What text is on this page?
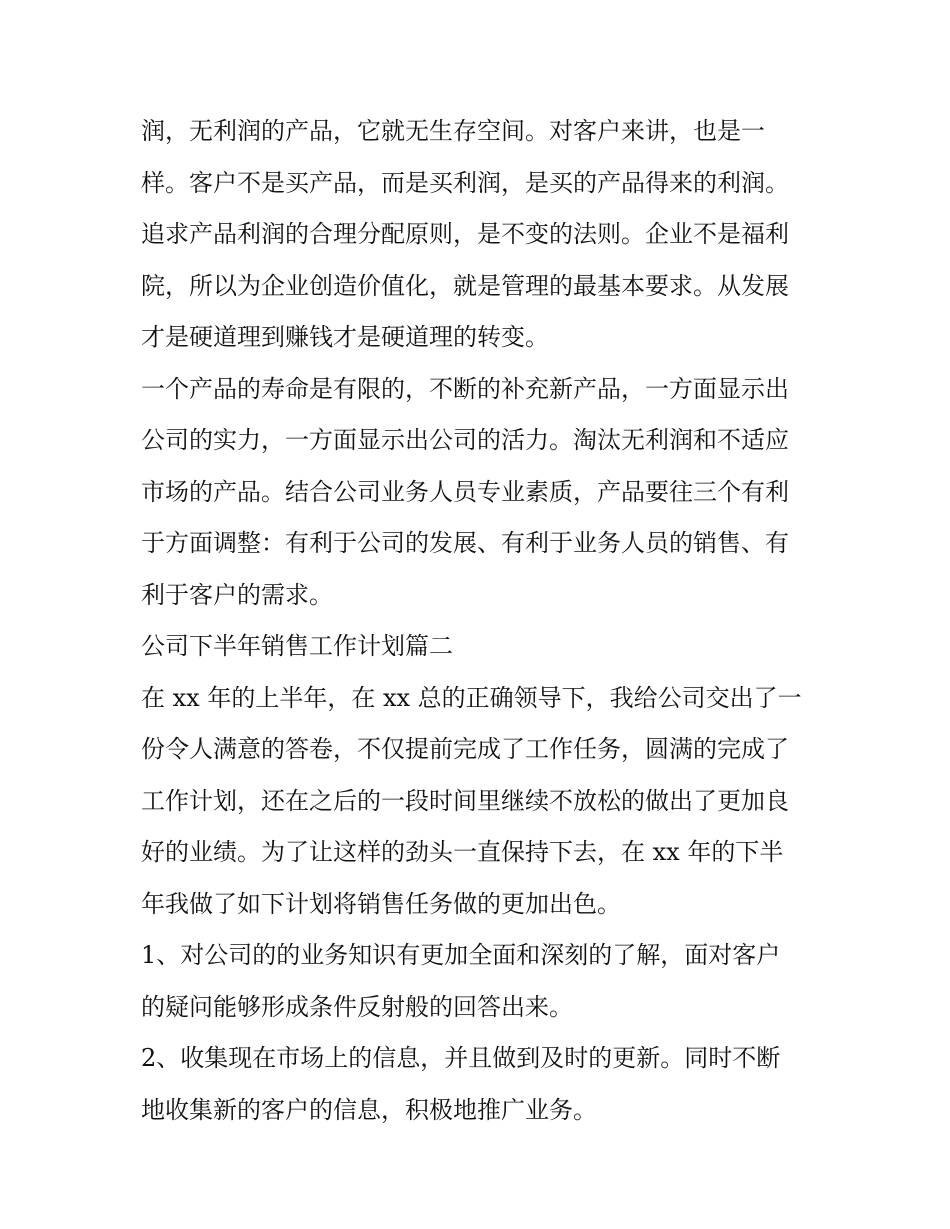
润，无利润的产品，它就无生存空间。对客户来讲，也是一
样。客户不是买产品，而是买利润，是买的产品得来的利润。
追求产品利润的合理分配原则，是不变的法则。企业不是福利
院，所以为企业创造价值化，就是管理的最基本要求。从发展
才是硬道理到赚钱才是硬道理的转变。
一个产品的寿命是有限的，不断的补充新产品，一方面显示出
公司的实力，一方面显示出公司的活力。淘汰无利润和不适应
市场的产品。结合公司业务人员专业素质，产品要往三个有利
于方面调整：有利于公司的发展、有利于业务人员的销售、有
利于客户的需求。
公司下半年销售工作计划篇二
在 xx 年的上半年，在 xx 总的正确领导下，我给公司交出了一
份令人满意的答卷，不仅提前完成了工作任务，圆满的完成了
工作计划，还在之后的一段时间里继续不放松的做出了更加良
好的业绩。为了让这样的劲头一直保持下去，在 xx 年的下半
年我做了如下计划将销售任务做的更加出色。
1、对公司的的业务知识有更加全面和深刻的了解，面对客户
的疑问能够形成条件反射般的回答出来。
2、收集现在市场上的信息，并且做到及时的更新。同时不断
地收集新的客户的信息，积极地推广业务。
